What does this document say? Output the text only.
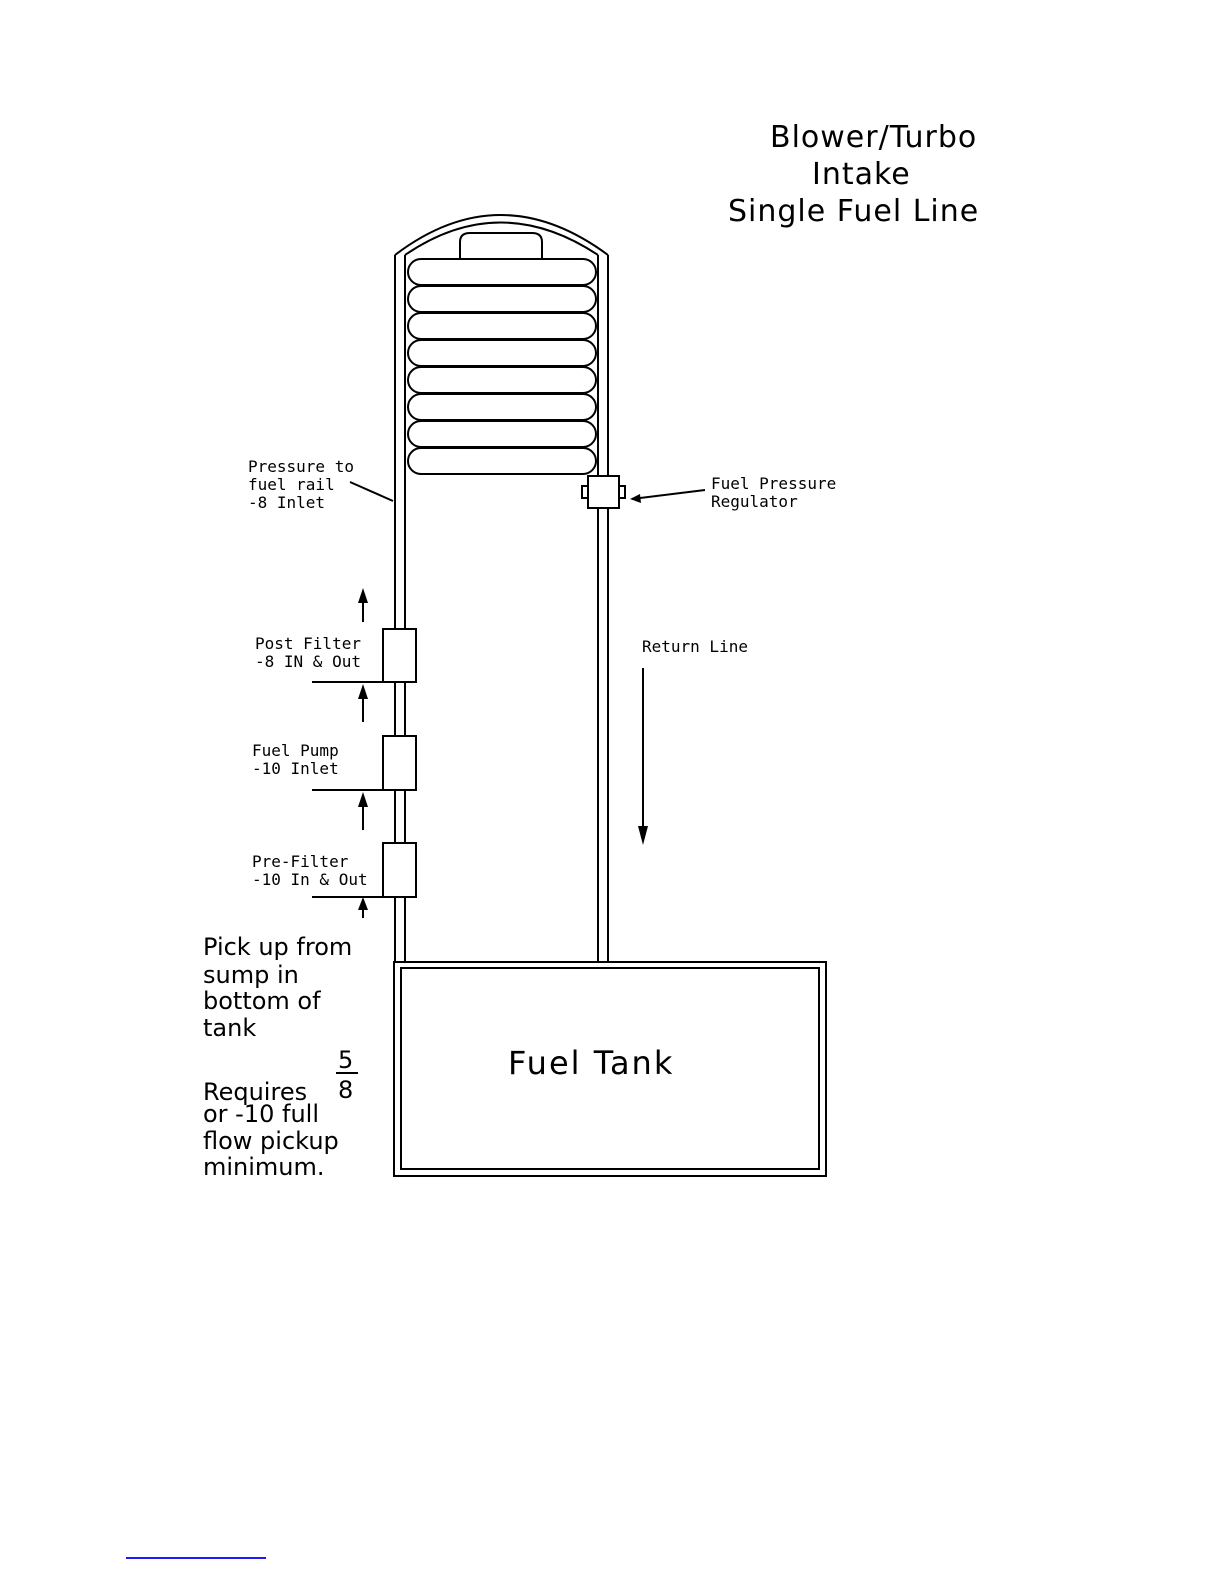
Blower/Turbo
Intake
Single Fuel Line
Fuel Tank
Pressure to
fuel rail
-8 Inlet
Fuel Pressure
Regulator
Return Line
Post Filter
-8 IN & Out
Fuel Pump
-10 Inlet
Pre-Filter
-10 In & Out
Pick up from
sump in
bottom of
tank
5
8
Requires
or -10 full
flow pickup
minimum.
